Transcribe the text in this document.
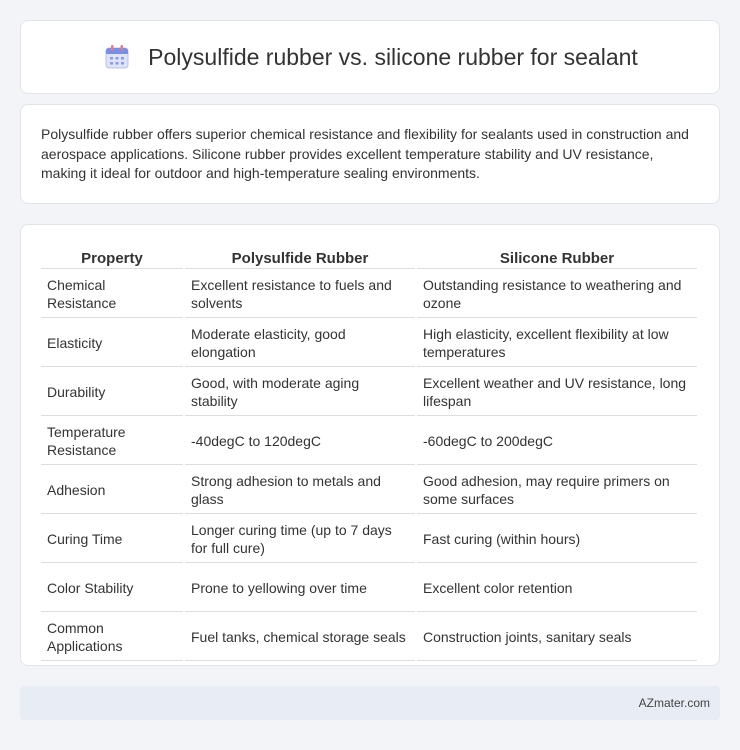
Polysulfide rubber vs. silicone rubber for sealant

Polysulfide rubber offers superior chemical resistance and flexibility for sealants used in construction and aerospace applications. Silicone rubber provides excellent temperature stability and UV resistance, making it ideal for outdoor and high-temperature sealing environments.

Property	Polysulfide Rubber	Silicone Rubber
Chemical Resistance	Excellent resistance to fuels and solvents	Outstanding resistance to weathering and ozone
Elasticity	Moderate elasticity, good elongation	High elasticity, excellent flexibility at low temperatures
Durability	Good, with moderate aging stability	Excellent weather and UV resistance, long lifespan
Temperature Resistance	-40degC to 120degC	-60degC to 200degC
Adhesion	Strong adhesion to metals and glass	Good adhesion, may require primers on some surfaces
Curing Time	Longer curing time (up to 7 days for full cure)	Fast curing (within hours)
Color Stability	Prone to yellowing over time	Excellent color retention
Common Applications	Fuel tanks, chemical storage seals	Construction joints, sanitary seals
AZmater.com
